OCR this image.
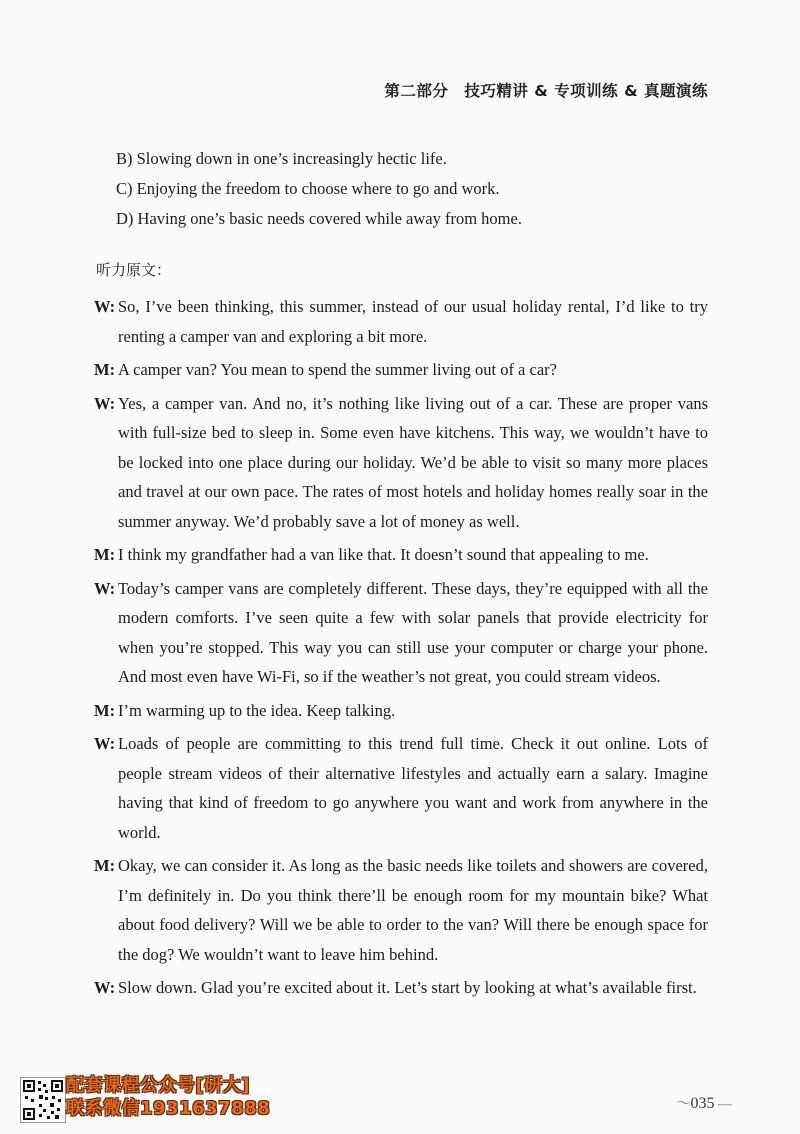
第二部分　技巧精讲 & 专项训练 & 真题演练
B) Slowing down in one’s increasingly hectic life.
C) Enjoying the freedom to choose where to go and work.
D) Having one’s basic needs covered while away from home.
听力原文：
W: So, I’ve been thinking, this summer, instead of our usual holiday rental, I’d like to try renting a camper van and exploring a bit more.
M: A camper van? You mean to spend the summer living out of a car?
W: Yes, a camper van. And no, it’s nothing like living out of a car. These are proper vans with full-size bed to sleep in. Some even have kitchens. This way, we wouldn’t have to be locked into one place during our holiday. We’d be able to visit so many more places and travel at our own pace. The rates of most hotels and holiday homes really soar in the summer anyway. We’d probably save a lot of money as well.
M: I think my grandfather had a van like that. It doesn’t sound that appealing to me.
W: Today’s camper vans are completely different. These days, they’re equipped with all the modern comforts. I’ve seen quite a few with solar panels that provide electricity for when you’re stopped. This way you can still use your computer or charge your phone. And most even have Wi-Fi, so if the weather’s not great, you could stream videos.
M: I’m warming up to the idea. Keep talking.
W: Loads of people are committing to this trend full time. Check it out online. Lots of people stream videos of their alternative lifestyles and actually earn a salary. Imagine having that kind of freedom to go anywhere you want and work from anywhere in the world.
M: Okay, we can consider it. As long as the basic needs like toilets and showers are covered, I’m definitely in. Do you think there’ll be enough room for my mountain bike? What about food delivery? Will we be able to order to the van? Will there be enough space for the dog? We wouldn’t want to leave him behind.
W: Slow down. Glad you’re excited about it. Let’s start by looking at what’s available first.
配套课程公众号[研大]
联系微信1931637888	～035 —
